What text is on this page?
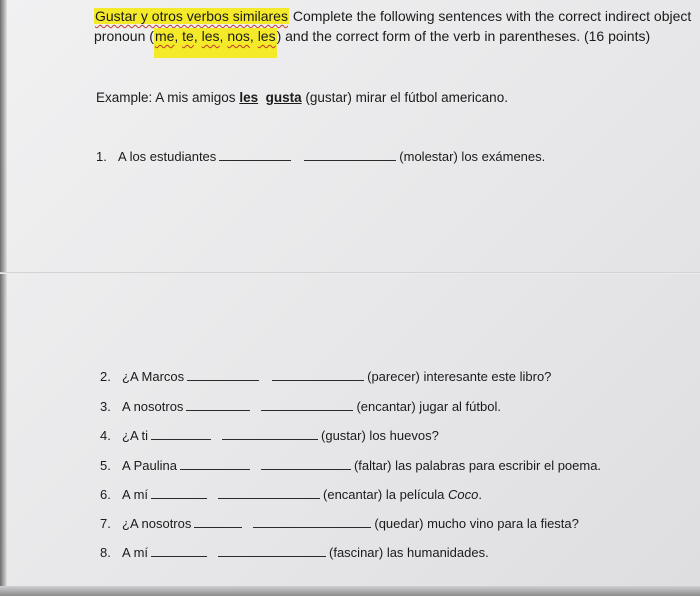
Gustar y otros verbos similares Complete the following sentences with the correct indirect object pronoun (me, te, les, nos, les) and the correct form of the verb in parentheses. (16 points)
Example: A mis amigos les gusta (gustar) mirar el fútbol americano.
1. A los estudiantes	(molestar) los exámenes.
2. ¿A Marcos	(parecer) interesante este libro?
3. A nosotros	(encantar) jugar al fútbol.
4. ¿A ti	(gustar) los huevos?
5. A Paulina	(faltar) las palabras para escribir el poema.
6. A mí	(encantar) la película Coco.
7. ¿A nosotros	(quedar) mucho vino para la fiesta?
8. A mí	(fascinar) las humanidades.
